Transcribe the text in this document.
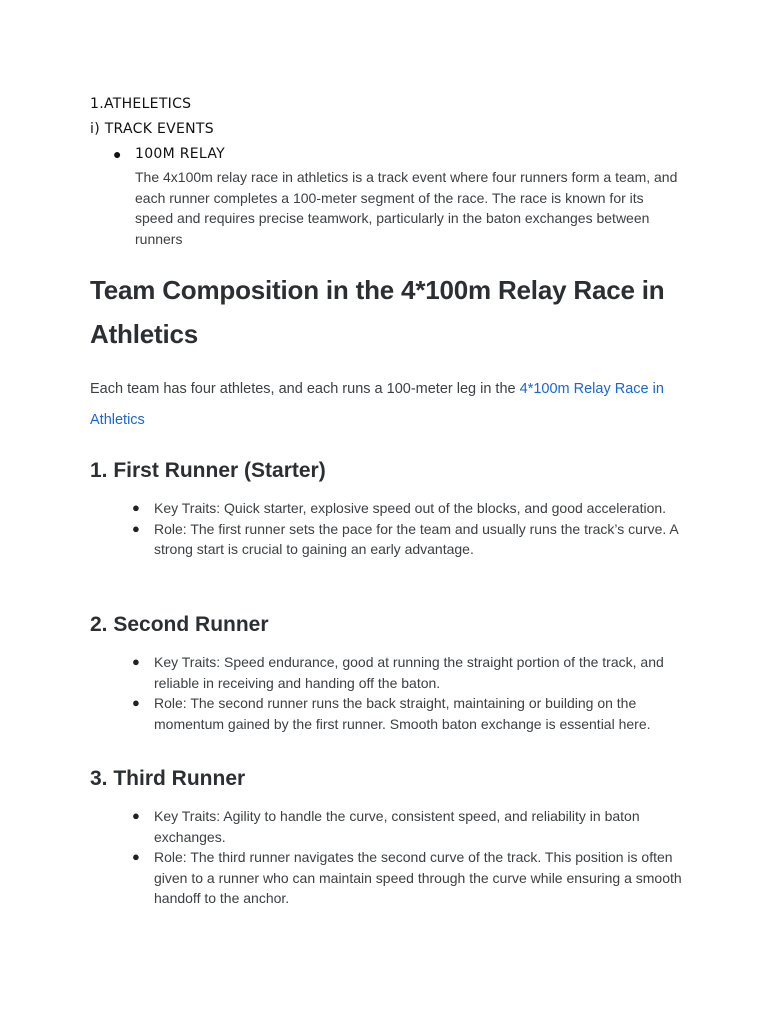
1.ATHELETICS
i) TRACK EVENTS
● 100M RELAY

The 4x100m relay race in athletics is a track event where four runners form a team, and each runner completes a 100-meter segment of the race. The race is known for its speed and requires precise teamwork, particularly in the baton exchanges between runners

Team Composition in the 4*100m Relay Race in Athletics

Each team has four athletes, and each runs a 100-meter leg in the 4*100m Relay Race in Athletics

1. First Runner (Starter)
● Key Traits: Quick starter, explosive speed out of the blocks, and good acceleration.
● Role: The first runner sets the pace for the team and usually runs the track’s curve. A strong start is crucial to gaining an early advantage.
2. Second Runner
● Key Traits: Speed endurance, good at running the straight portion of the track, and reliable in receiving and handing off the baton.
● Role: The second runner runs the back straight, maintaining or building on the momentum gained by the first runner. Smooth baton exchange is essential here.
3. Third Runner
● Key Traits: Agility to handle the curve, consistent speed, and reliability in baton exchanges.
● Role: The third runner navigates the second curve of the track. This position is often given to a runner who can maintain speed through the curve while ensuring a smooth handoff to the anchor.
